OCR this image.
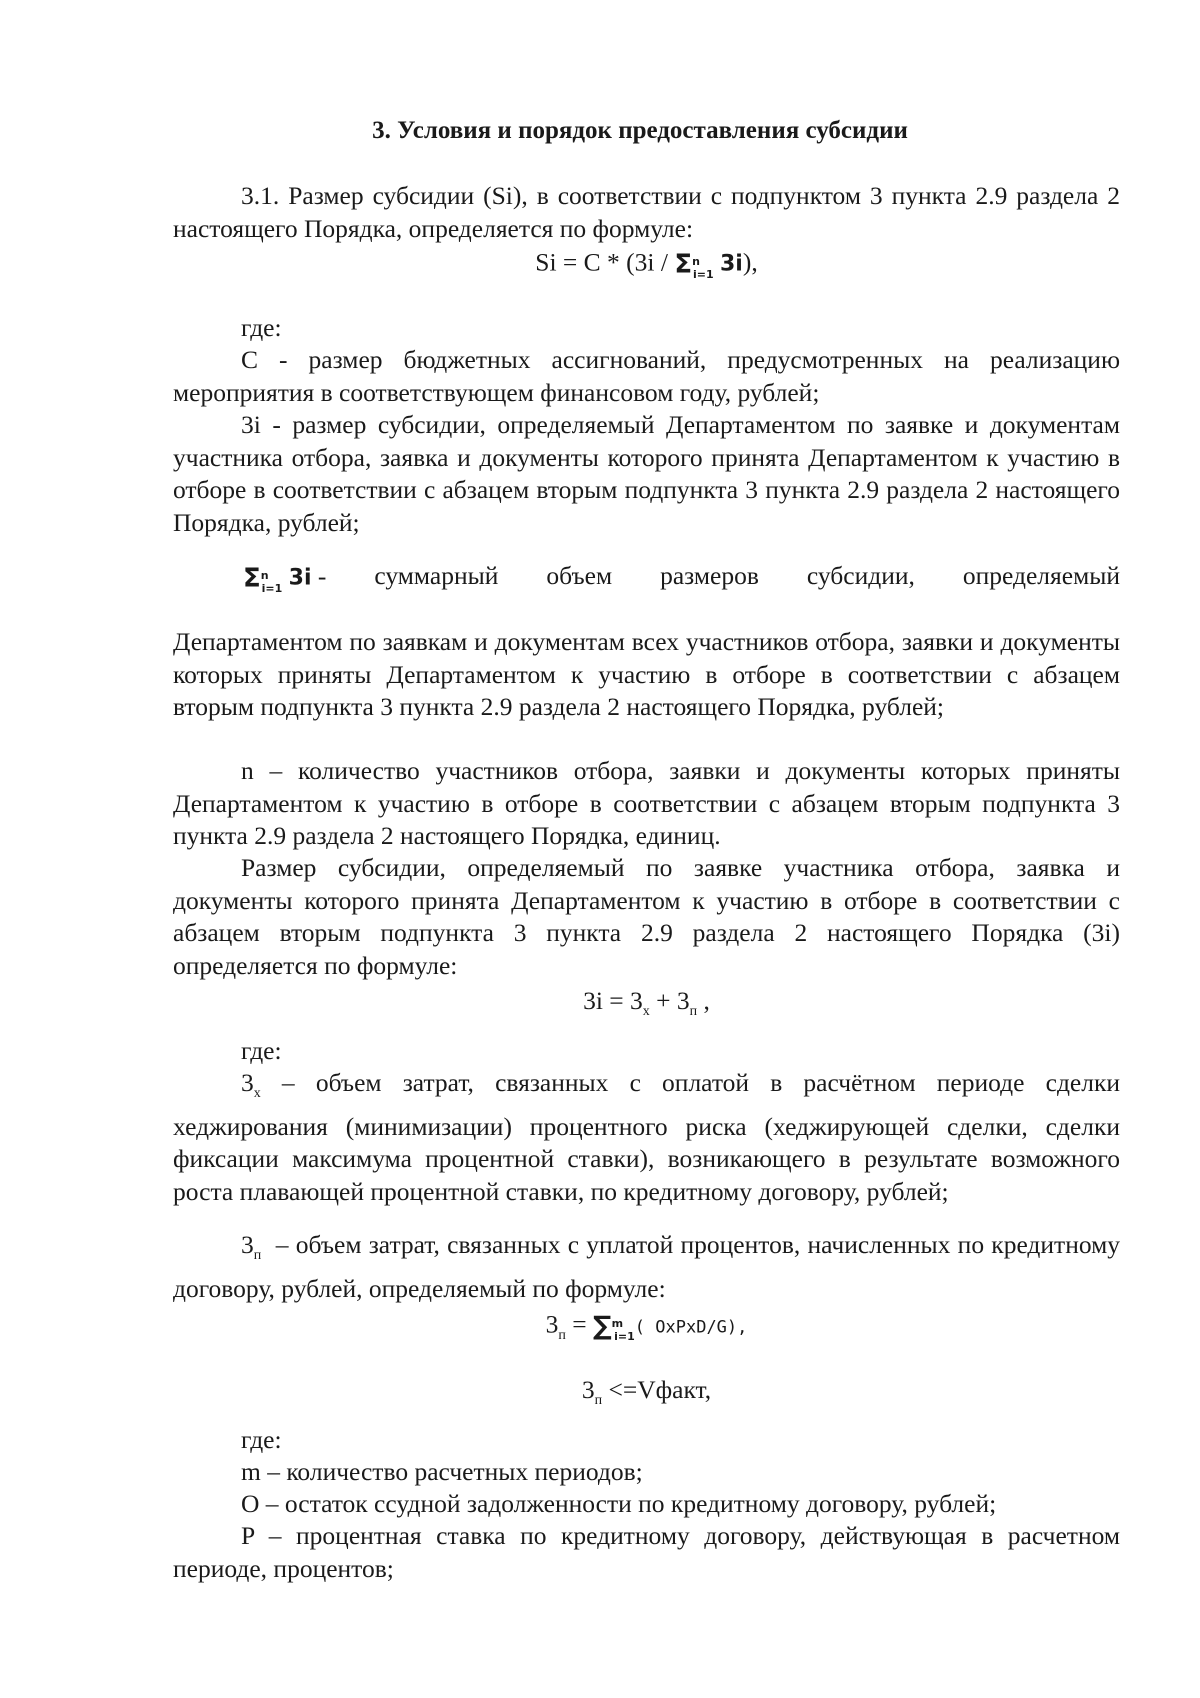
3. Условия и порядок предоставления субсидии
3.1. Размер субсидии (Si), в соответствии с подпунктом 3 пункта 2.9 раздела 2 настоящего Порядка, определяется по формуле:
$Si = C * (3i / \Sigma^n_{i=1}$ 3i),
где:
C - размер бюджетных ассигнований, предусмотренных на реализацию мероприятия в соответствующем финансовом году, рублей;
3i - размер субсидии, определяемый Департаментом по заявке и документам участника отбора, заявка и документы которого принята Департаментом к участию в отборе в соответствии с абзацем вторым подпункта 3 пункта 2.9 раздела 2 настоящего Порядка, рублей;
$\Sigma^n_{i=1}$ 3i - суммарный объем размеров субсидии, определяемый
Департаментом по заявкам и документам всех участников отбора, заявки и документы которых приняты Департаментом к участию в отборе в соответствии с абзацем вторым подпункта 3 пункта 2.9 раздела 2 настоящего Порядка, рублей;
n – количество участников отбора, заявки и документы которых приняты Департаментом к участию в отборе в соответствии с абзацем вторым подпункта 3 пункта 2.9 раздела 2 настоящего Порядка, единиц.
Размер субсидии, определяемый по заявке участника отбора, заявка и документы которого принята Департаментом к участию в отборе в соответствии с абзацем вторым подпункта 3 пункта 2.9 раздела 2 настоящего Порядка (3i) определяется по формуле:
$3i = 3_х + 3_п$ ,
где:
$3_х$ – объем затрат, связанных с оплатой в расчётном периоде сделки хеджирования (минимизации) процентного риска (хеджирующей сделки, сделки фиксации максимума процентной ставки), возникающего в результате возможного роста плавающей процентной ставки, по кредитному договору, рублей;
$3_п$  – объем затрат, связанных с уплатой процентов, начисленных по кредитному договору, рублей, определяемый по формуле:
$3_п = \sum^m_{i=1}$( OxPxD/G),
$3_п$ <=Vфакт,
где:
m – количество расчетных периодов;
O – остаток ссудной задолженности по кредитному договору, рублей;
P – процентная ставка по кредитному договору, действующая в расчетном периоде, процентов;
